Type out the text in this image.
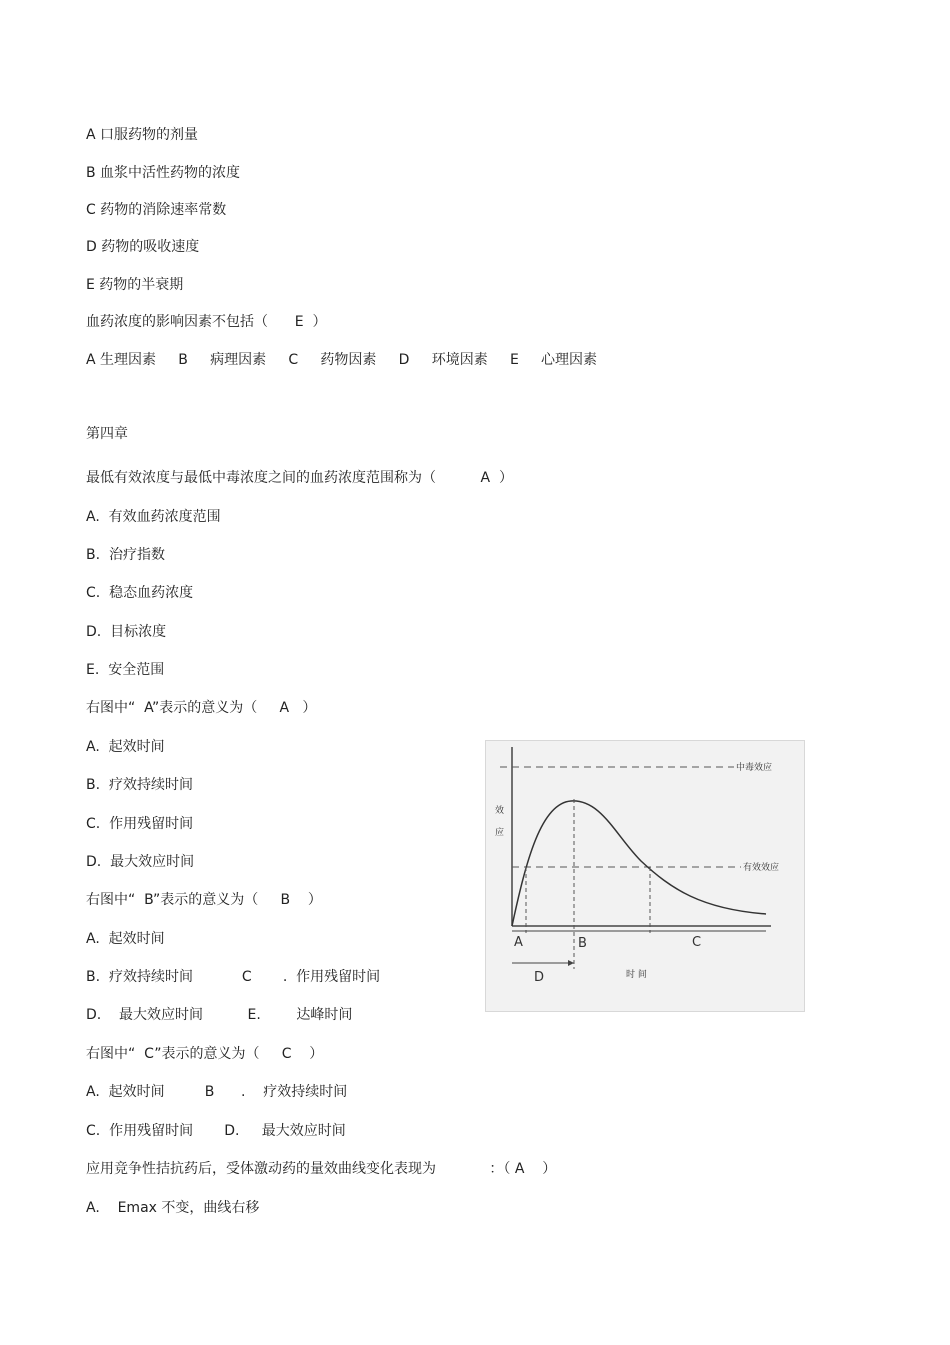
A 口服药物的剂量
B 血浆中活性药物的浓度
C 药物的消除速率常数
D 药物的吸收速度
E 药物的半衰期
血药浓度的影响因素不包括（      E  ）
A 生理因素     B     病理因素     C     药物因素     D     环境因素     E     心理因素
第四章
最低有效浓度与最低中毒浓度之间的血药浓度范围称为（          A  ）
A.  有效血药浓度范围
B.  治疗指数
C.  稳态血药浓度
D.  目标浓度
E.  安全范围
右图中“  A”表示的意义为（     A   ）
A.  起效时间
B.  疗效持续时间
C.  作用残留时间
D.  最大效应时间
右图中“  B”表示的意义为（     B    ）
A.  起效时间
B.  疗效持续时间           C       .  作用残留时间
D.    最大效应时间          E.        达峰时间
右图中“  C”表示的意义为（     C    ）
A.  起效时间         B      .    疗效持续时间
C.  作用残留时间       D.     最大效应时间
应用竞争性拮抗药后，受体激动药的量效曲线变化表现为            ：（ A    ）
A.    Emax 不变，曲线右移
中毒效应
有效效应
效
应
A	B	C
D	时 间
